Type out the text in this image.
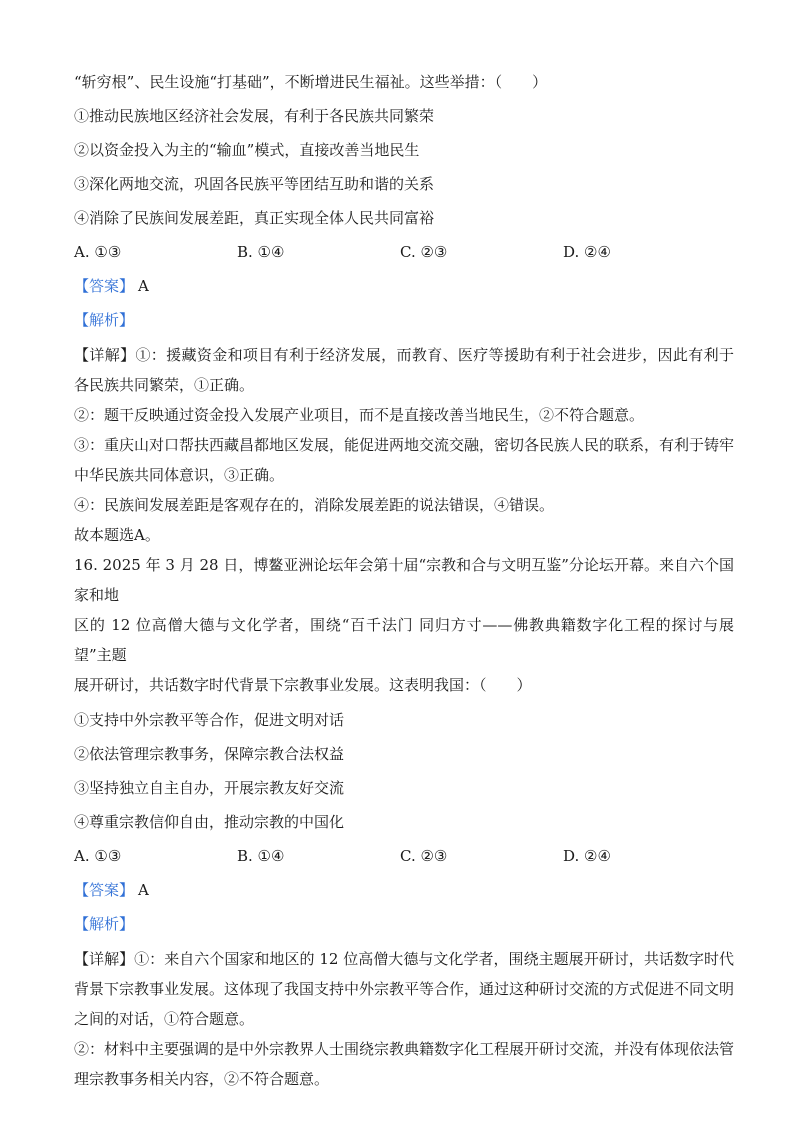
“斩穷根”、民生设施“打基础”，不断增进民生福祉。这些举措：（　　）

①推动民族地区经济社会发展，有利于各民族共同繁荣

②以资金投入为主的“输血”模式，直接改善当地民生

③深化两地交流，巩固各民族平等团结互助和谐的关系

④消除了民族间发展差距，真正实现全体人民共同富裕

A. ①③	B. ①④	C. ②③	D. ②④

【答案】 A

【解析】

【详解】①：援藏资金和项目有利于经济发展，而教育、医疗等援助有利于社会进步，因此有利于各民族共同繁荣，①正确。

②：题干反映通过资金投入发展产业项目，而不是直接改善当地民生，②不符合题意。

③：重庆山对口帮扶西藏昌都地区发展，能促进两地交流交融，密切各民族人民的联系，有利于铸牢中华民族共同体意识，③正确。

④：民族间发展差距是客观存在的，消除发展差距的说法错误，④错误。

故本题选A。

16. 2025 年 3 月 28 日，博鳌亚洲论坛年会第十届“宗教和合与文明互鉴”分论坛开幕。来自六个国家和地

区的 12 位高僧大德与文化学者，围绕“百千法门 同归方寸——佛教典籍数字化工程的探讨与展望”主题

展开研讨，共话数字时代背景下宗教事业发展。这表明我国：（　　）

①支持中外宗教平等合作，促进文明对话

②依法管理宗教事务，保障宗教合法权益

③坚持独立自主自办，开展宗教友好交流

④尊重宗教信仰自由，推动宗教的中国化

A. ①③	B. ①④	C. ②③	D. ②④

【答案】 A

【解析】

【详解】①：来自六个国家和地区的 12 位高僧大德与文化学者，围绕主题展开研讨，共话数字时代背景下宗教事业发展。这体现了我国支持中外宗教平等合作，通过这种研讨交流的方式促进不同文明之间的对话，①符合题意。

②：材料中主要强调的是中外宗教界人士围绕宗教典籍数字化工程展开研讨交流，并没有体现依法管理宗教事务相关内容，②不符合题意。
